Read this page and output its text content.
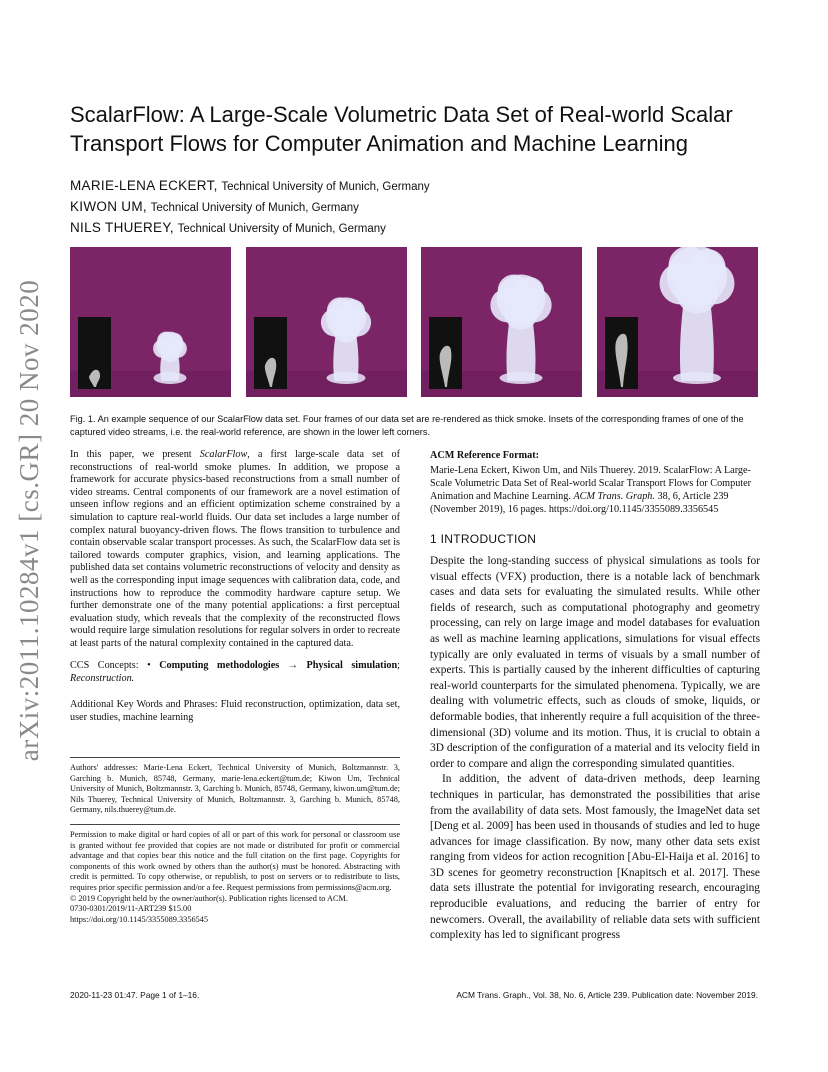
arXiv:2011.10284v1 [cs.GR] 20 Nov 2020
ScalarFlow: A Large-Scale Volumetric Data Set of Real-world Scalar Transport Flows for Computer Animation and Machine Learning
MARIE-LENA ECKERT, Technical University of Munich, Germany
KIWON UM, Technical University of Munich, Germany
NILS THUEREY, Technical University of Munich, Germany

Fig. 1. An example sequence of our ScalarFlow data set. Four frames of our data set are re-rendered as thick smoke. Insets of the corresponding frames of one of the captured video streams, i.e. the real-world reference, are shown in the lower left corners.

In this paper, we present ScalarFlow, a first large-scale data set of reconstructions of real-world smoke plumes. In addition, we propose a framework for accurate physics-based reconstructions from a small number of video streams. Central components of our framework are a novel estimation of unseen inflow regions and an efficient optimization scheme constrained by a simulation to capture real-world fluids. Our data set includes a large number of complex natural buoyancy-driven flows. The flows transition to turbulence and contain observable scalar transport processes. As such, the ScalarFlow data set is tailored towards computer graphics, vision, and learning applications. The published data set contains volumetric reconstructions of velocity and density as well as the corresponding input image sequences with calibration data, code, and instructions how to reproduce the commodity hardware capture setup. We further demonstrate one of the many potential applications: a first perceptual evaluation study, which reveals that the complexity of the reconstructed flows would require large simulation resolutions for regular solvers in order to recreate at least parts of the natural complexity contained in the captured data.

CCS Concepts: • Computing methodologies → Physical simulation; Reconstruction.

Additional Key Words and Phrases: Fluid reconstruction, optimization, data set, user studies, machine learning

Authors' addresses: Marie-Lena Eckert, Technical University of Munich, Boltzmannstr. 3, Garching b. Munich, 85748, Germany, marie-lena.eckert@tum.de; Kiwon Um, Technical University of Munich, Boltzmannstr. 3, Garching b. Munich, 85748, Germany, kiwon.um@tum.de; Nils Thuerey, Technical University of Munich, Boltzmannstr. 3, Garching b. Munich, 85748, Germany, nils.thuerey@tum.de.

Permission to make digital or hard copies of all or part of this work for personal or classroom use is granted without fee provided that copies are not made or distributed for profit or commercial advantage and that copies bear this notice and the full citation on the first page. Copyrights for components of this work owned by others than the author(s) must be honored. Abstracting with credit is permitted. To copy otherwise, or republish, to post on servers or to redistribute to lists, requires prior specific permission and/or a fee. Request permissions from permissions@acm.org.

© 2019 Copyright held by the owner/author(s). Publication rights licensed to ACM.

0730-0301/2019/11-ART239 $15.00

https://doi.org/10.1145/3355089.3356545

ACM Reference Format:

Marie-Lena Eckert, Kiwon Um, and Nils Thuerey. 2019. ScalarFlow: A Large-Scale Volumetric Data Set of Real-world Scalar Transport Flows for Computer Animation and Machine Learning. ACM Trans. Graph. 38, 6, Article 239 (November 2019), 16 pages. https://doi.org/10.1145/3355089.3356545

1 INTRODUCTION

Despite the long-standing success of physical simulations as tools for visual effects (VFX) production, there is a notable lack of benchmark cases and data sets for evaluating the simulated results. While other fields of research, such as computational photography and geometry processing, can rely on large image and model databases for evaluation as well as machine learning applications, simulations for visual effects typically are only evaluated in terms of visuals by a small number of experts. This is partially caused by the inherent difficulties of capturing real-world counterparts for the simulated phenomena. Typically, we are dealing with volumetric effects, such as clouds of smoke, liquids, or deformable bodies, that inherently require a full acquisition of the three-dimensional (3D) volume and its motion. Thus, it is crucial to obtain a 3D description of the configuration of a material and its velocity field in order to compare and align the corresponding simulated quantities.

In addition, the advent of data-driven methods, deep learning techniques in particular, has demonstrated the possibilities that arise from the availability of data sets. Most famously, the ImageNet data set [Deng et al. 2009] has been used in thousands of studies and led to huge advances for image classification. By now, many other data sets exist ranging from videos for action recognition [Abu-El-Haija et al. 2016] to 3D scenes for geometry reconstruction [Knapitsch et al. 2017]. These data sets illustrate the potential for invigorating research, encouraging reproducible evaluations, and reducing the barrier of entry for newcomers. Overall, the availability of reliable data sets with sufficient complexity has led to significant progress

2020-11-23 01:47. Page 1 of 1–16.	ACM Trans. Graph., Vol. 38, No. 6, Article 239. Publication date: November 2019.
